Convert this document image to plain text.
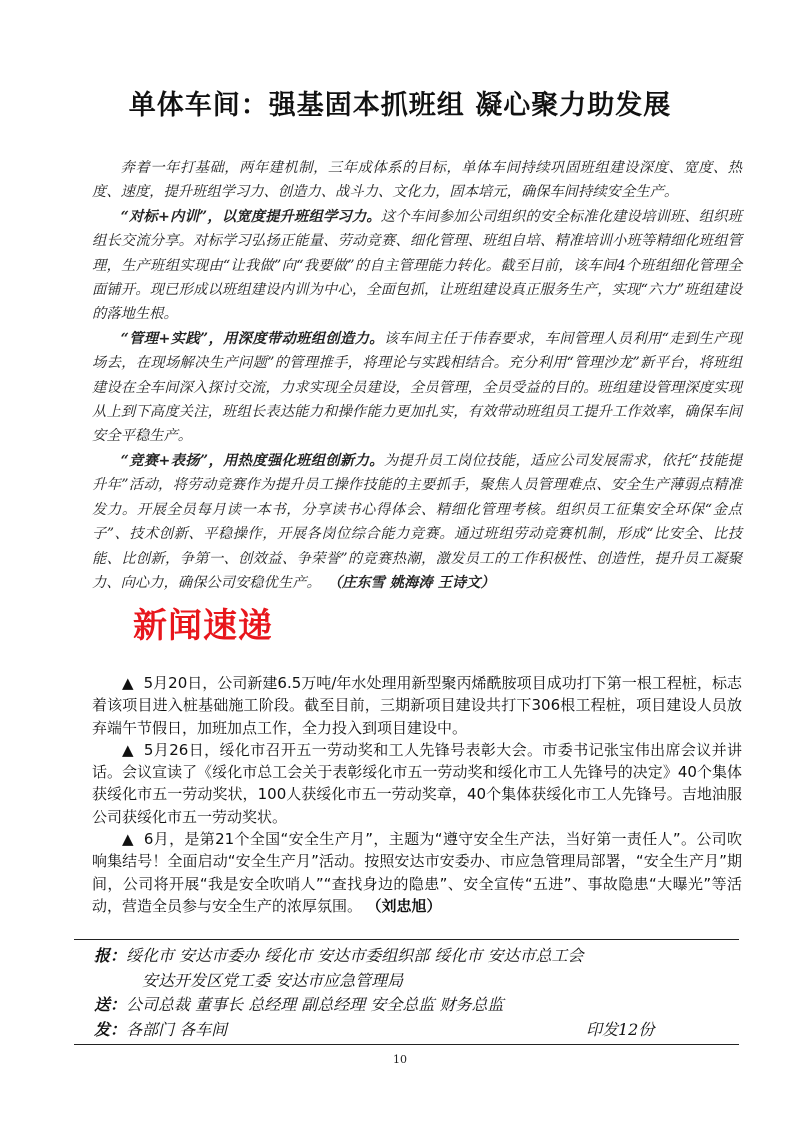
单体车间：强基固本抓班组 凝心聚力助发展

奔着一年打基础，两年建机制，三年成体系的目标，单体车间持续巩固班组建设深度、宽度、热度、速度，提升班组学习力、创造力、战斗力、文化力，固本培元，确保车间持续安全生产。

“对标+内训”，以宽度提升班组学习力。这个车间参加公司组织的安全标准化建设培训班、组织班组长交流分享。对标学习弘扬正能量、劳动竞赛、细化管理、班组自培、精准培训小班等精细化班组管理，生产班组实现由“让我做”向“我要做”的自主管理能力转化。截至目前，该车间4个班组细化管理全面铺开。现已形成以班组建设内训为中心，全面包抓，让班组建设真正服务生产，实现“六力”班组建设的落地生根。

“管理+实践”，用深度带动班组创造力。该车间主任于伟春要求，车间管理人员利用“走到生产现场去，在现场解决生产问题”的管理推手，将理论与实践相结合。充分利用“管理沙龙”新平台，将班组建设在全车间深入探讨交流，力求实现全员建设，全员管理，全员受益的目的。班组建设管理深度实现从上到下高度关注，班组长表达能力和操作能力更加扎实，有效带动班组员工提升工作效率，确保车间安全平稳生产。

“竞赛+表扬”，用热度强化班组创新力。为提升员工岗位技能，适应公司发展需求，依托“技能提升年”活动，将劳动竞赛作为提升员工操作技能的主要抓手，聚焦人员管理难点、安全生产薄弱点精准发力。开展全员每月读一本书，分享读书心得体会、精细化管理考核。组织员工征集安全环保“金点子”、技术创新、平稳操作，开展各岗位综合能力竞赛。通过班组劳动竞赛机制，形成“比安全、比技能、比创新，争第一、创效益、争荣誉”的竞赛热潮，激发员工的工作积极性、创造性，提升员工凝聚力、向心力，确保公司安稳优生产。 （庄东雪 姚海涛 王诗文）

新闻速递

▲ 5月20日，公司新建6.5万吨/年水处理用新型聚丙烯酰胺项目成功打下第一根工程桩，标志着该项目进入桩基础施工阶段。截至目前，三期新项目建设共打下306根工程桩，项目建设人员放弃端午节假日，加班加点工作，全力投入到项目建设中。

▲ 5月26日，绥化市召开五一劳动奖和工人先锋号表彰大会。市委书记张宝伟出席会议并讲话。会议宣读了《绥化市总工会关于表彰绥化市五一劳动奖和绥化市工人先锋号的决定》40个集体获绥化市五一劳动奖状，100人获绥化市五一劳动奖章，40个集体获绥化市工人先锋号。吉地油服公司获绥化市五一劳动奖状。

▲ 6月，是第21个全国“安全生产月”，主题为“遵守安全生产法，当好第一责任人”。公司吹响集结号！全面启动“安全生产月”活动。按照安达市安委办、市应急管理局部署，“安全生产月”期间，公司将开展“我是安全吹哨人”“查找身边的隐患”、安全宣传“五进”、事故隐患“大曝光”等活动，营造全员参与安全生产的浓厚氛围。 （刘忠旭）

报：绥化市 安达市委办 绥化市 安达市委组织部 绥化市 安达市总工会
安达开发区党工委 安达市应急管理局
送：公司总裁 董事长 总经理 副总经理 安全总监 财务总监
发：各部门 各车间	印发12份
10
